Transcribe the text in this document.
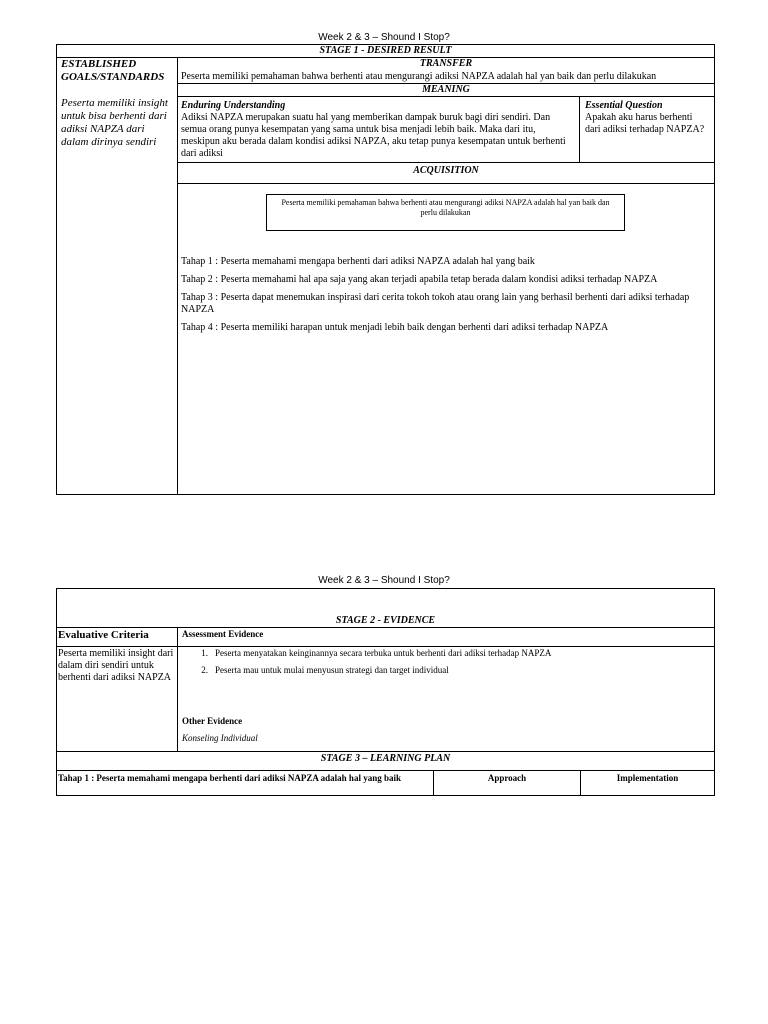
Week 2 & 3 – Shound I Stop?
STAGE 1 - DESIRED RESULT
ESTABLISHED
GOALS/STANDARDS
Peserta memiliki insight untuk bisa berhenti dari adiksi NAPZA dari dalam dirinya sendiri
TRANSFER
Peserta memiliki pemahaman bahwa berhenti atau mengurangi adiksi NAPZA adalah hal yan baik dan perlu dilakukan
MEANING
Enduring Understanding
Adiksi NAPZA merupakan suatu hal yang memberikan dampak buruk bagi diri sendiri. Dan semua orang punya kesempatan yang sama untuk bisa menjadi lebih baik. Maka dari itu, meskipun aku berada dalam kondisi adiksi NAPZA, aku tetap punya kesempatan untuk berhenti dari adiksi
Essential Question
Apakah aku harus berhenti dari adiksi terhadap NAPZA?
ACQUISITION
Peserta memiliki pemahaman bahwa berhenti atau mengurangi adiksi NAPZA adalah hal yan baik dan perlu dilakukan
Tahap 1 : Peserta memahami mengapa berhenti dari adiksi NAPZA adalah hal yang baik
Tahap 2 : Peserta memahami hal apa saja yang akan terjadi apabila tetap berada dalam kondisi adiksi terhadap NAPZA
Tahap 3 : Peserta dapat menemukan inspirasi dari cerita tokoh tokoh atau orang lain yang berhasil berhenti dari adiksi terhadap NAPZA
Tahap 4 : Peserta memiliki harapan untuk menjadi lebih baik dengan berhenti dari adiksi terhadap NAPZA
Week 2 & 3 – Shound I Stop?
STAGE 2 - EVIDENCE
Evaluative Criteria	Assessment Evidence
Peserta memiliki insight dari dalam diri sendiri untuk berhenti dari adiksi NAPZA
1. Peserta menyatakan keinginannya secara terbuka untuk berhenti dari adiksi terhadap NAPZA
2. Peserta mau untuk mulai menyusun strategi dan target individual
Other Evidence
Konseling Individual
STAGE 3 – LEARNING PLAN
Tahap 1 : Peserta memahami mengapa berhenti dari adiksi NAPZA adalah hal yang baik	Approach	Implementation
